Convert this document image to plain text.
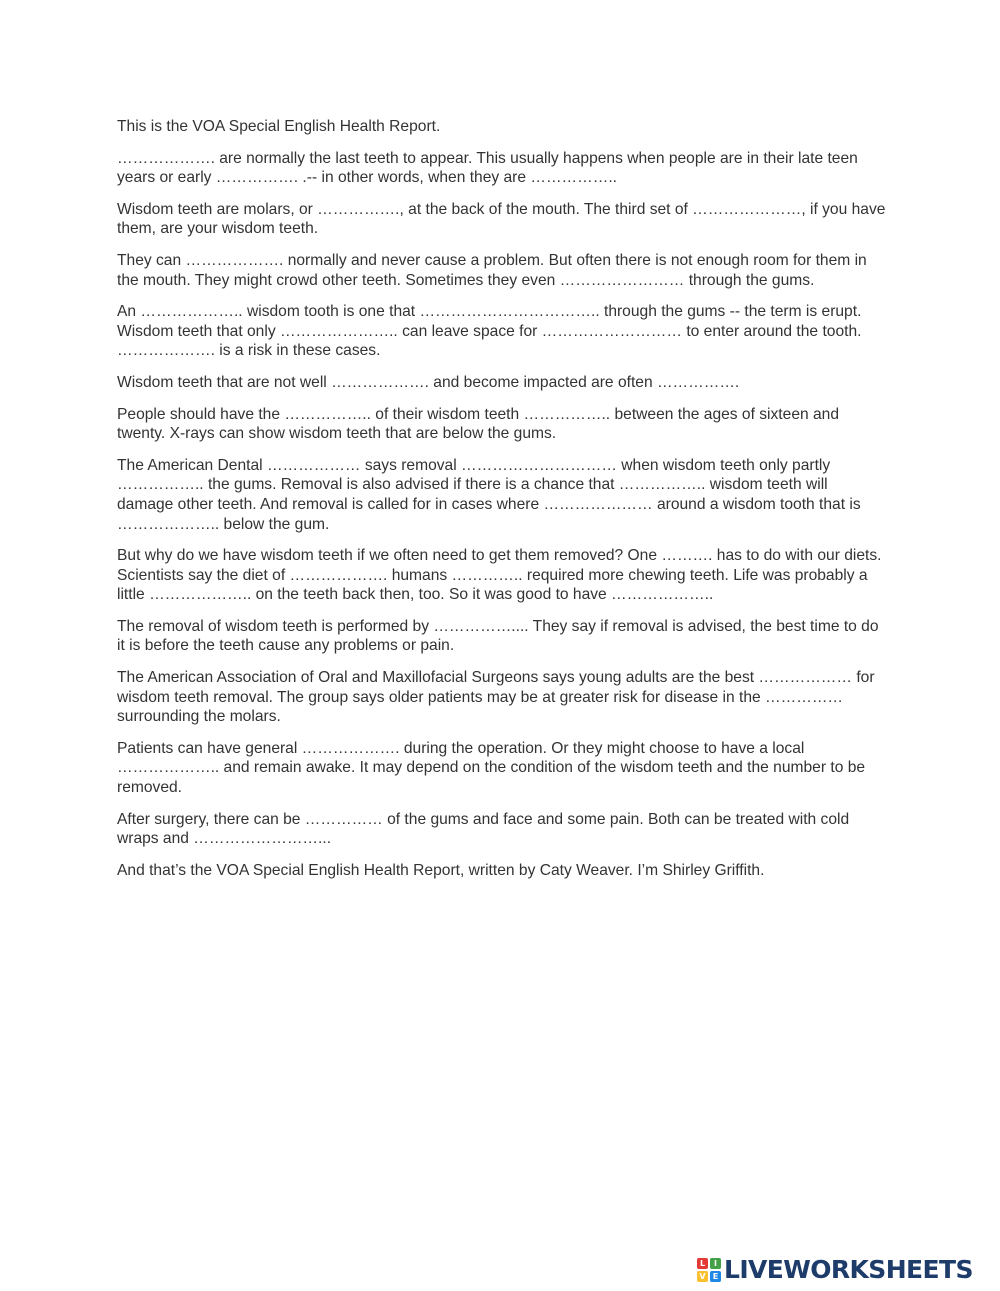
This is the VOA Special English Health Report.

………………. are normally the last teeth to appear. This usually happens when people are in their late teen years or early ……………. .-- in other words, when they are ……………..

Wisdom teeth are molars, or ……………., at the back of the mouth. The third set of …………………, if you have them, are your wisdom teeth.

They can ………………. normally and never cause a problem. But often there is not enough room for them in the mouth. They might crowd other teeth. Sometimes they even …………………… through the gums.

An ……………….. wisdom tooth is one that …………………………….. through the gums -- the term is erupt. Wisdom teeth that only ………………….. can leave space for ……………………… to enter around the tooth. ………………. is a risk in these cases.

Wisdom teeth that are not well ………………. and become impacted are often …………….

People should have the …………….. of their wisdom teeth …………….. between the ages of sixteen and twenty. X-rays can show wisdom teeth that are below the gums.

The American Dental ……………… says removal ………………………… when wisdom teeth only partly …………….. the gums. Removal is also advised if there is a chance that …………….. wisdom teeth will damage other teeth. And removal is called for in cases where ………………… around a wisdom tooth that is ……………….. below the gum.

But why do we have wisdom teeth if we often need to get them removed? One ………. has to do with our diets. Scientists say the diet of ………………. humans ………….. required more chewing teeth. Life was probably a little ……………….. on the teeth back then, too. So it was good to have ………………..

The removal of wisdom teeth is performed by …………….... They say if removal is advised, the best time to do it is before the teeth cause any problems or pain.

The American Association of Oral and Maxillofacial Surgeons says young adults are the best ……………… for wisdom teeth removal. The group says older patients may be at greater risk for disease in the …………… surrounding the molars.

Patients can have general ………………. during the operation. Or they might choose to have a local ……………….. and remain awake. It may depend on the condition of the wisdom teeth and the number to be removed.

After surgery, there can be …………… of the gums and face and some pain. Both can be treated with cold wraps and ……………………...

And that’s the VOA Special English Health Report, written by Caty Weaver. I’m Shirley Griffith.

L	I
V E LIVEWORKSHEETS
